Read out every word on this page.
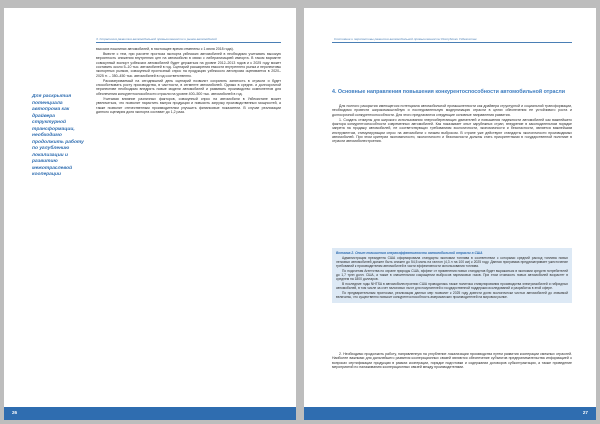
3. Стратегия развития автомобильной промышленности и рынка автомобилей
Для раскрытия потенциала автопрома как драйвера структурной трансформации, необходимо продолжить работу по углублению локализации и развитию межотраслевой кооперации

высоких пошлинах автомобилей, в настоящее время отменены с 1 июля 2018 года).

Вместе с тем, при расчете прогноза экспорта узбекских автомобилей в необходимо учитывать высокую вероятность снижения внутренних цен на автомобили в связи с либерализацией импорта. В таком варианте совокупный экспорт узбекских автомобилей будет держаться на уровне 2012–2013 годов и к 2025 году может составить около 5–10 тыс. автомобилей в год. Сценарий расширения емкости внутреннего рынка и перспективы экспортных рынков, совокупный прогнозный спрос на продукцию узбекского автопрома оценивается в 2020–2025 гг. – 350–450 тыс. автомобилей в год соответственно.

Рассматриваемый на сегодняшний день сценарий позволит сохранить занятость в отрасли и будет способствовать росту производства, в частности, в сегменте автомобилей. Однако в средне- и долгосрочной перспективе необходимо внедрять новые модели автомобилей и развивать производство компонентов для обеспечения конкурентоспособности отрасли на уровне 400–500 тыс. автомобилей в год.

Учитывая влияние различных факторов, совокупный спрос на автомобили в Узбекистане может увеличиться, что позволит нарастить выпуск продукции и повысить загрузку производственных мощностей, а также позволит отечественным производителям улучшить финансовые показатели. В случае реализации данного сценария доля экспорта составит до 1,2 раза.

26
Состояние и перспективы развития автомобильной промышленности Республики Узбекистан
4. Основные направления повышения конкурентоспособности автомобильной отрасли

Для полного раскрытия имеющегося потенциала автомобильной промышленности как драйвера структурной и социальной трансформации, необходимо провести широкомасштабную и последовательную модернизацию отрасли в целях обеспечения ее устойчивого роста и долгосрочной конкурентоспособности. Для этого предлагаются следующие основные направления развития.

1. Создать стимулы для широкого использования энергосберегающих двигателей и повышения надежности автомобилей как важнейшего фактора конкурентоспособности современных автомобилей. Как показывает опыт зарубежных стран, внедрение в законодательном порядке запрета на продажу автомобилей, не соответствующих требованиям экологичности, экономичности и безопасности, является важнейшим инструментом, стимулирующим спрос на автомобили с низким выбросом. В стране уже действуют стандарты экологичности производимых автомобилей. При этом критерии экономичности, экологичности и безопасности должны стать приоритетными в государственной политике в отрасли автомобилестроения.

Вставка 2. Опыт повышения энергоэффективности автомобильной отрасли в США

Администрация президента США сформировала стандарты экономии топлива в соответствии с которыми средний расход топлива новых легковых автомобилей должен быть снижен до 54,5 миль на галлон (4,3 л на 100 км) к 2025 году. Данная программа предусматривает ужесточение требований к производителям автомобилей в части эффективности использования топлива.

По подсчетам Агентства по охране природы США, эффект от применения новых стандартов будет выражаться в экономии средств потребителей до 1,7 трлн долл. США, а также в значительном сокращении выбросов парниковых газов. При этом стоимость новых автомобилей возрастет в среднем на 1800 долларов.

В последние годы NHTSA в автомобилестроении США проводилась также политика стимулирования производства электромобилей и гибридных автомобилей, в том числе за счет налоговых льгот для покупателей и государственной поддержки исследований и разработок в этой сфере.

По предварительным прогнозам, реализация данных мер позволит к 2025 году довести долю экологически чистых автомобилей до значимой величины, что существенно повысит конкурентоспособность американских производителей на мировом рынке.

2. Необходимо продолжить работу, направленную на углубление локализации производства путем развития кооперации смежных отраслей. Наиболее важными для дальнейшего развития кооперационных связей являются обеспечение субъектов предпринимательства информацией о вопросах сертификации продукции в рамках кооперации, порядке подготовки и содержании договоров субконтрактации, а также проведение мероприятий по налаживанию кооперационных связей между производителями.

27
